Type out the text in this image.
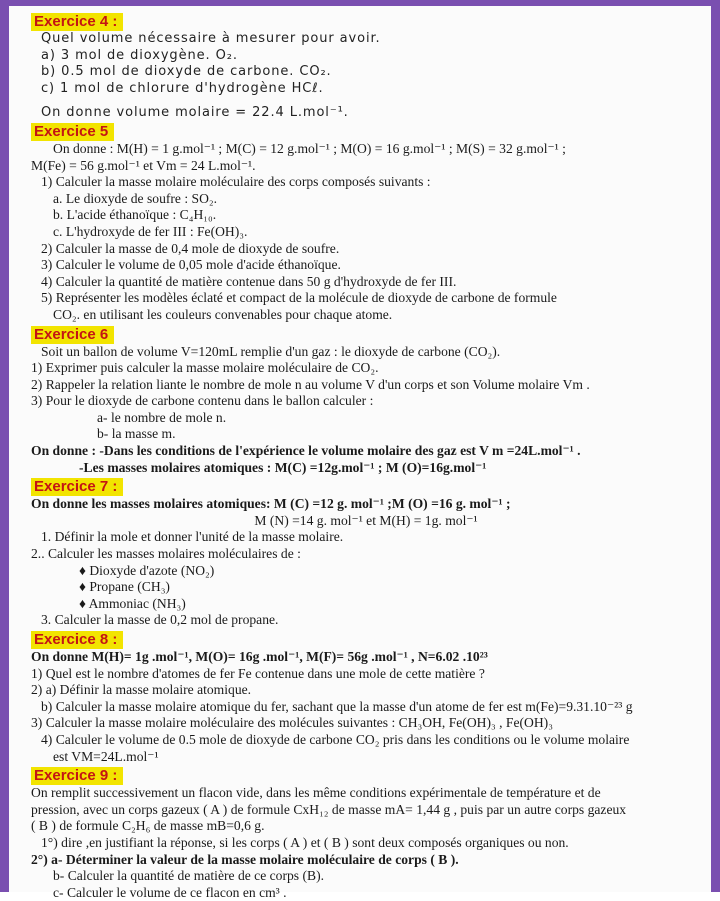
Exercice 4 :
Quel volume nécessaire à mesurer pour avoir.
a) 3 mol de dioxygène. O₂.
b) 0.5 mol de dioxyde de carbone. CO₂.
c) 1 mol de chlorure d'hydrogène HCℓ.
On donne volume molaire = 22.4 L.mol⁻¹.
Exercice 5
On donne : M(H) = 1 g.mol⁻¹ ; M(C) = 12 g.mol⁻¹ ; M(O) = 16 g.mol⁻¹ ; M(S) = 32 g.mol⁻¹ ;
M(Fe) = 56 g.mol⁻¹ et Vm = 24 L.mol⁻¹.
1) Calculer la masse molaire moléculaire des corps composés suivants :
a. Le dioxyde de soufre : SO₂.
b. L'acide éthanoïque : C₄H₁₀.
c. L'hydroxyde de fer III : Fe(OH)₃.
2) Calculer la masse de 0,4 mole de dioxyde de soufre.
3) Calculer le volume de 0,05 mole d'acide éthanoïque.
4) Calculer la quantité de matière contenue dans 50 g d'hydroxyde de fer III.
5) Représenter les modèles éclaté et compact de la molécule de dioxyde de carbone de formule
CO₂. en utilisant les couleurs convenables pour chaque atome.
Exercice 6
Soit un ballon de volume V=120mL remplie d'un gaz : le dioxyde de carbone (CO₂).
1) Exprimer puis calculer la masse molaire moléculaire de CO₂.
2) Rappeler la relation liante le nombre de mole n au volume V d'un corps et son Volume molaire Vm .
3) Pour le dioxyde de carbone contenu dans le ballon calculer :
a- le nombre de mole n.
b- la masse m.
On donne : -Dans les conditions de l'expérience le volume molaire des gaz est V m =24L.mol⁻¹ .
-Les masses molaires atomiques : M(C) =12g.mol⁻¹ ; M (O)=16g.mol⁻¹
Exercice 7 :
On donne les masses molaires atomiques: M (C) =12 g. mol⁻¹ ;M (O) =16 g. mol⁻¹ ;
M (N) =14 g. mol⁻¹ et M(H) = 1g. mol⁻¹
1. Définir la mole et donner l'unité de la masse molaire.
2.. Calculer les masses molaires moléculaires de :
♦ Dioxyde d'azote (NO₂)
♦ Propane (CH₃)
♦ Ammoniac (NH₃)
3. Calculer la masse de 0,2 mol de propane.
Exercice 8 :
On donne M(H)= 1g .mol⁻¹, M(O)= 16g .mol⁻¹, M(F)= 56g .mol⁻¹ , N=6.02 .10²³
1) Quel est le nombre d'atomes de fer Fe contenue dans une mole de cette matière ?
2) a) Définir la masse molaire atomique.
b) Calculer la masse molaire atomique du fer, sachant que la masse d'un atome de fer est m(Fe)=9.31.10⁻²³ g
3) Calculer la masse molaire moléculaire des molécules suivantes : CH₃OH, Fe(OH)₃ , Fe(OH)₃
4) Calculer le volume de 0.5 mole de dioxyde de carbone CO₂ pris dans les conditions ou le volume molaire
est VM=24L.mol⁻¹
Exercice 9 :
On remplit successivement un flacon vide, dans les même conditions expérimentale de température et de
pression, avec un corps gazeux ( A ) de formule CxH₁₂ de masse mA= 1,44 g , puis par un autre corps gazeux
( B ) de formule C₂H₆ de masse mB=0,6 g.
1°) dire ,en justifiant la réponse, si les corps ( A ) et ( B ) sont deux composés organiques ou non.
2°) a- Déterminer la valeur de la masse molaire moléculaire de corps ( B ).
b- Calculer la quantité de matière de ce corps (B).
c- Calculer le volume de ce flacon en cm³ .
